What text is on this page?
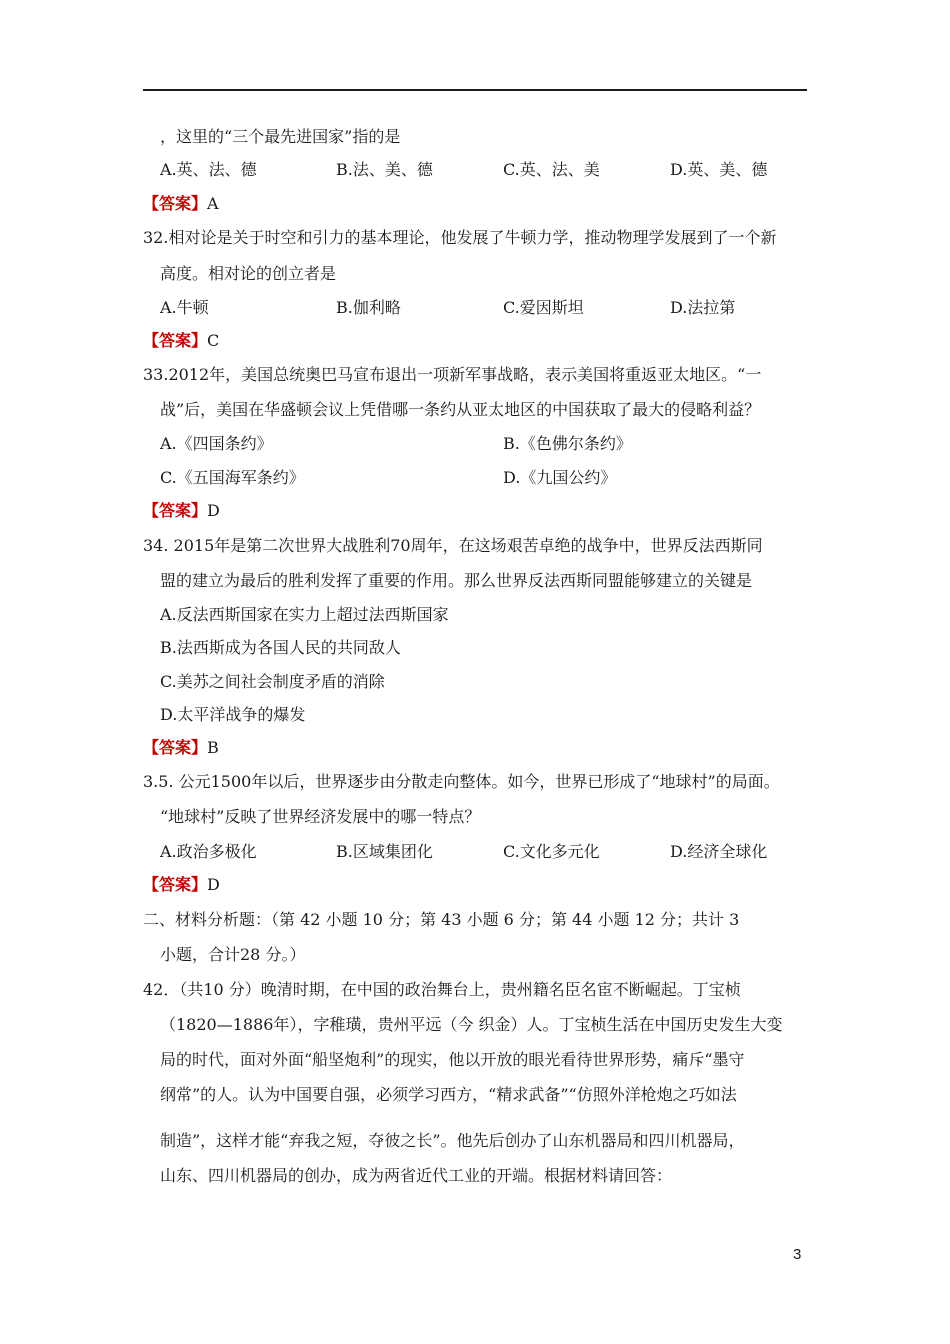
，这里的“三个最先进国家”指的是
A.英、法、德	B.法、美、德	C.英、法、美	D.英、美、德
【答案】A
32.相对论是关于时空和引力的基本理论，他发展了牛顿力学，推动物理学发展到了一个新
高度。相对论的创立者是
A.牛顿	B.伽利略	C.爱因斯坦	D.法拉第
【答案】C
33.2012年，美国总统奥巴马宣布退出一项新军事战略，表示美国将重返亚太地区。“一
战”后，美国在华盛顿会议上凭借哪一条约从亚太地区的中国获取了最大的侵略利益？
A.《四国条约》	B.《色佛尔条约》
C.《五国海军条约》	D.《九国公约》
【答案】D
34. 2015年是第二次世界大战胜利70周年，在这场艰苦卓绝的战争中，世界反法西斯同
盟的建立为最后的胜利发挥了重要的作用。那么世界反法西斯同盟能够建立的关键是
A.反法西斯国家在实力上超过法西斯国家
B.法西斯成为各国人民的共同敌人
C.美苏之间社会制度矛盾的消除
D.太平洋战争的爆发
【答案】B
3.5. 公元1500年以后，世界逐步由分散走向整体。如今，世界已形成了“地球村”的局面。
“地球村”反映了世界经济发展中的哪一特点？
A.政治多极化	B.区域集团化	C.文化多元化	D.经济全球化
【答案】D
二、材料分析题：（第 42 小题 10 分；第 43 小题 6 分；第 44 小题 12 分；共计 3
小题，合计28 分。）
42．（共10 分）晚清时期，在中国的政治舞台上，贵州籍名臣名宦不断崛起。丁宝桢
（1820—1886年），字稚璜，贵州平远（今 织金）人。丁宝桢生活在中国历史发生大变
局的时代，面对外面“船坚炮利”的现实，他以开放的眼光看待世界形势，痛斥“墨守
纲常”的人。认为中国要自强，必须学习西方，“精求武备”“仿照外洋枪炮之巧如法
制造”，这样才能“弃我之短，夺彼之长”。他先后创办了山东机器局和四川机器局，
山东、四川机器局的创办，成为两省近代工业的开端。根据材料请回答：
3
